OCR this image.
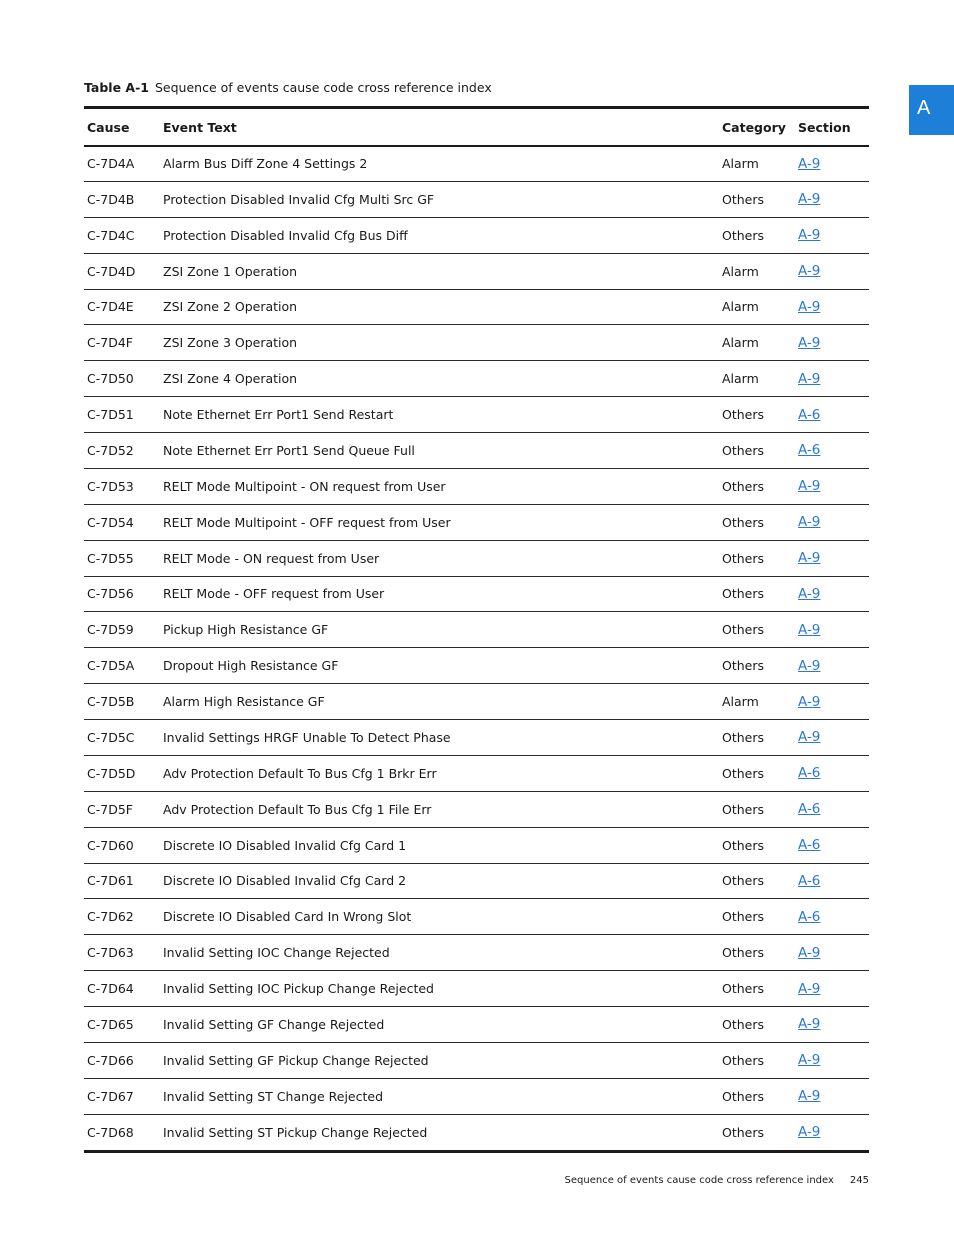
A
Table A-1 Sequence of events cause code cross reference index
Cause	Event Text	Category Section
C-7D4A Alarm Bus Diff Zone 4 Settings 2	Alarm	A-9
C-7D4B Protection Disabled Invalid Cfg Multi Src GF	Others	A-9
C-7D4C Protection Disabled Invalid Cfg Bus Diff	Others	A-9
C-7D4D ZSI Zone 1 Operation	Alarm	A-9
C-7D4E ZSI Zone 2 Operation	Alarm	A-9
C-7D4F ZSI Zone 3 Operation	Alarm	A-9
C-7D50 ZSI Zone 4 Operation	Alarm	A-9
C-7D51 Note Ethernet Err Port1 Send Restart	Others	A-6
C-7D52 Note Ethernet Err Port1 Send Queue Full	Others	A-6
C-7D53 RELT Mode Multipoint - ON request from User	Others	A-9
C-7D54 RELT Mode Multipoint - OFF request from User	Others	A-9
C-7D55 RELT Mode - ON request from User	Others	A-9
C-7D56 RELT Mode - OFF request from User	Others	A-9
C-7D59 Pickup High Resistance GF	Others	A-9
C-7D5A Dropout High Resistance GF	Others	A-9
C-7D5B Alarm High Resistance GF	Alarm	A-9
C-7D5C Invalid Settings HRGF Unable To Detect Phase	Others	A-9
C-7D5D Adv Protection Default To Bus Cfg 1 Brkr Err	Others	A-6
C-7D5F Adv Protection Default To Bus Cfg 1 File Err	Others	A-6
C-7D60 Discrete IO Disabled Invalid Cfg Card 1	Others	A-6
C-7D61 Discrete IO Disabled Invalid Cfg Card 2	Others	A-6
C-7D62 Discrete IO Disabled Card In Wrong Slot	Others	A-6
C-7D63 Invalid Setting IOC Change Rejected	Others	A-9
C-7D64 Invalid Setting IOC Pickup Change Rejected	Others	A-9
C-7D65 Invalid Setting GF Change Rejected	Others	A-9
C-7D66 Invalid Setting GF Pickup Change Rejected	Others	A-9
C-7D67 Invalid Setting ST Change Rejected	Others	A-9
C-7D68 Invalid Setting ST Pickup Change Rejected	Others	A-9
Sequence of events cause code cross reference index 245
